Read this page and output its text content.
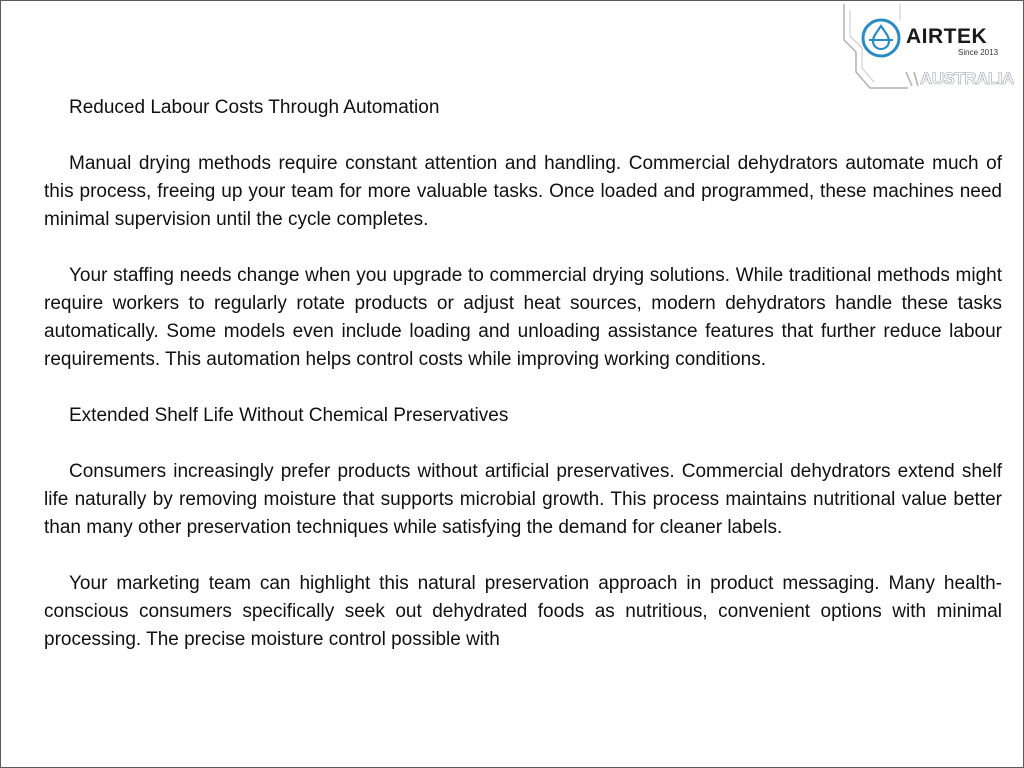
AIRTEK
Since 2013
AUSTRALIA

Reduced Labour Costs Through Automation

Manual drying methods require constant attention and handling. Commercial dehydrators automate much of this process, freeing up your team for more valuable tasks. Once loaded and programmed, these machines need minimal supervision until the cycle completes.

Your staffing needs change when you upgrade to commercial drying solutions. While traditional methods might require workers to regularly rotate products or adjust heat sources, modern dehydrators handle these tasks automatically. Some models even include loading and unloading assistance features that further reduce labour requirements. This automation helps control costs while improving working conditions.

Extended Shelf Life Without Chemical Preservatives

Consumers increasingly prefer products without artificial preservatives. Commercial dehydrators extend shelf life naturally by removing moisture that supports microbial growth. This process maintains nutritional value better than many other preservation techniques while satisfying the demand for cleaner labels.

Your marketing team can highlight this natural preservation approach in product messaging. Many health-conscious consumers specifically seek out dehydrated foods as nutritious, convenient options with minimal processing. The precise moisture control possible with
